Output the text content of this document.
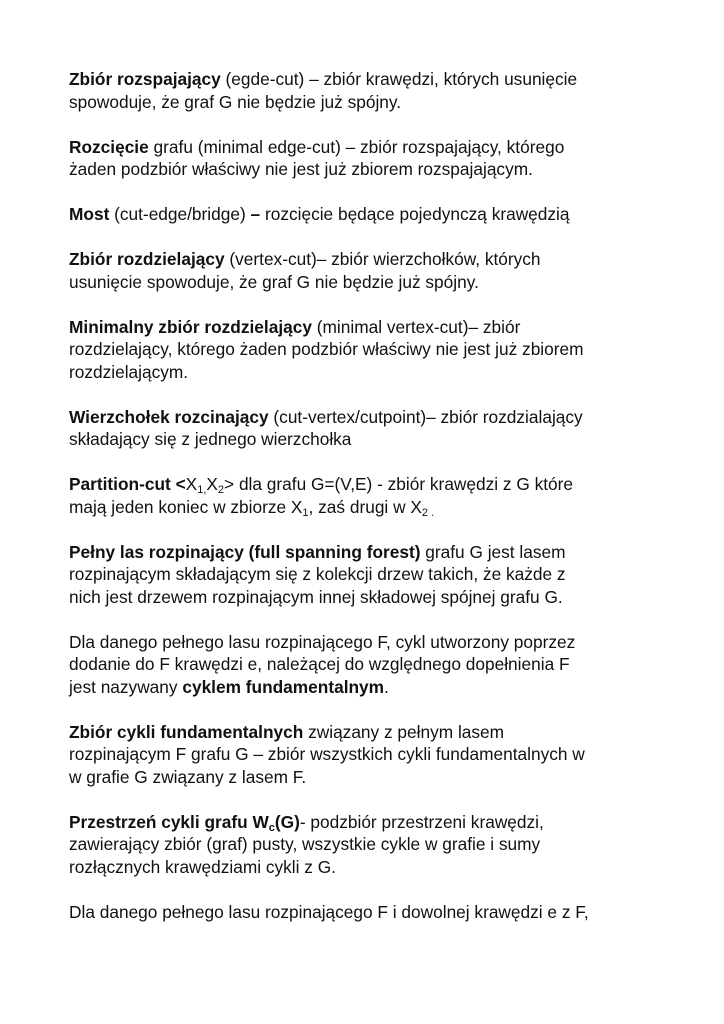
Zbiór rozspajający (egde-cut) – zbiór krawędzi, których usunięcie
spowoduje, że graf G nie będzie już spójny.

Rozcięcie grafu (minimal edge-cut) – zbiór rozspajający, którego
żaden podzbiór właściwy nie jest już zbiorem rozspajającym.

Most (cut-edge/bridge) – rozcięcie będące pojedynczą krawędzią

Zbiór rozdzielający (vertex-cut)– zbiór wierzchołków, których
usunięcie spowoduje, że graf G nie będzie już spójny.

Minimalny zbiór rozdzielający (minimal vertex-cut)– zbiór
rozdzielający, którego żaden podzbiór właściwy nie jest już zbiorem
rozdzielającym.

Wierzchołek rozcinający (cut-vertex/cutpoint)– zbiór rozdzialający
składający się z jednego wierzchołka

Partition-cut $<X_{1,}X_2>$ dla grafu G=(V,E) - zbiór krawędzi z G które
mają jeden koniec w zbiorze $X_1$, zaś drugi w $X_{2 .}$

Pełny las rozpinający (full spanning forest) grafu G jest lasem
rozpinającym składającym się z kolekcji drzew takich, że każde z
nich jest drzewem rozpinającym innej składowej spójnej grafu G.

Dla danego pełnego lasu rozpinającego F, cykl utworzony poprzez
dodanie do F krawędzi e, należącej do względnego dopełnienia F
jest nazywany cyklem fundamentalnym.

Zbiór cykli fundamentalnych związany z pełnym lasem
rozpinającym F grafu G – zbiór wszystkich cykli fundamentalnych w
w grafie G związany z lasem F.

Przestrzeń cykli grafu $W_c(G)-$ podzbiór przestrzeni krawędzi,
zawierający zbiór (graf) pusty, wszystkie cykle w grafie i sumy
rozłącznych krawędziami cykli z G.

Dla danego pełnego lasu rozpinającego F i dowolnej krawędzi e z F,
